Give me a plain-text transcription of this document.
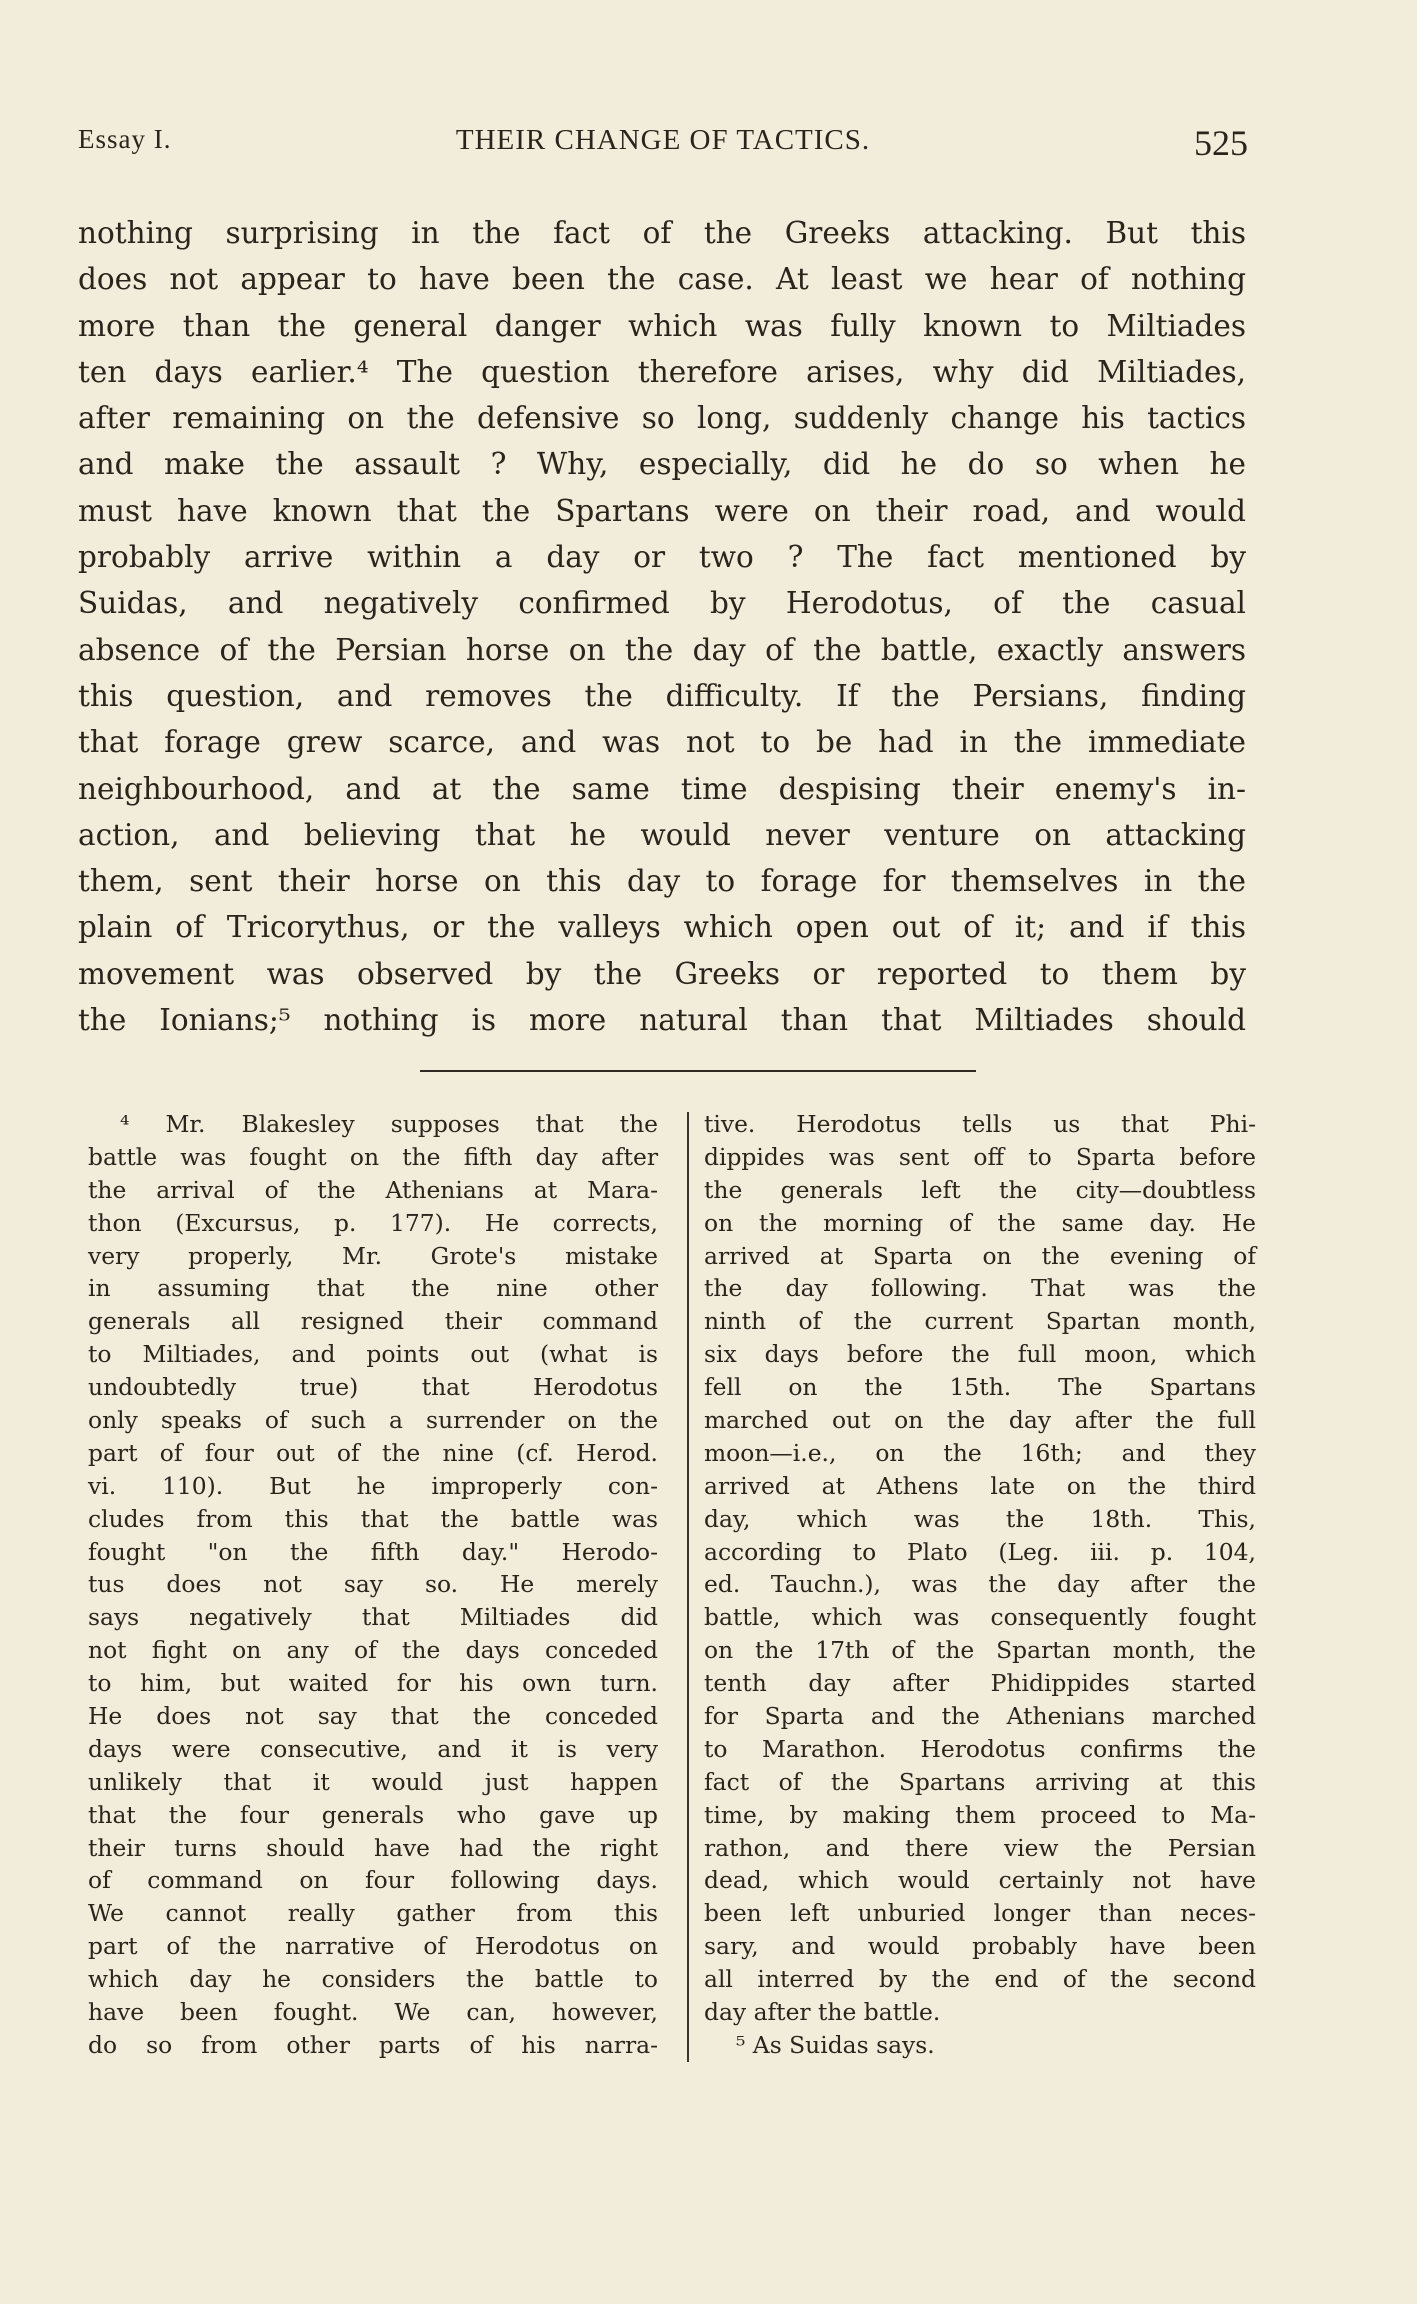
Essay I.	THEIR CHANGE OF TACTICS.	525
nothing surprising in the fact of the Greeks attacking. But this
does not appear to have been the case. At least we hear of nothing
more than the general danger which was fully known to Miltiades
ten days earlier.⁴ The question therefore arises, why did Miltiades,
after remaining on the defensive so long, suddenly change his tactics
and make the assault ? Why, especially, did he do so when he
must have known that the Spartans were on their road, and would
probably arrive within a day or two ? The fact mentioned by
Suidas, and negatively confirmed by Herodotus, of the casual
absence of the Persian horse on the day of the battle, exactly answers
this question, and removes the difficulty. If the Persians, finding
that forage grew scarce, and was not to be had in the immediate
neighbourhood, and at the same time despising their enemy's in-
action, and believing that he would never venture on attacking
them, sent their horse on this day to forage for themselves in the
plain of Tricorythus, or the valleys which open out of it; and if this
movement was observed by the Greeks or reported to them by
the Ionians;⁵ nothing is more natural than that Miltiades should
⁴ Mr. Blakesley supposes that the
battle was fought on the fifth day after
the arrival of the Athenians at Mara-
thon (Excursus, p. 177). He corrects,
very properly, Mr. Grote's mistake
in assuming that the nine other
generals all resigned their command
to Miltiades, and points out (what is
undoubtedly true) that Herodotus
only speaks of such a surrender on the
part of four out of the nine (cf. Herod.
vi. 110). But he improperly con-
cludes from this that the battle was
fought "on the fifth day." Herodo-
tus does not say so. He merely
says negatively that Miltiades did
not fight on any of the days conceded
to him, but waited for his own turn.
He does not say that the conceded
days were consecutive, and it is very
unlikely that it would just happen
that the four generals who gave up
their turns should have had the right
of command on four following days.
We cannot really gather from this
part of the narrative of Herodotus on
which day he considers the battle to
have been fought. We can, however,
do so from other parts of his narra-
tive. Herodotus tells us that Phi-
dippides was sent off to Sparta before
the generals left the city—doubtless
on the morning of the same day. He
arrived at Sparta on the evening of
the day following. That was the
ninth of the current Spartan month,
six days before the full moon, which
fell on the 15th. The Spartans
marched out on the day after the full
moon—i.e., on the 16th; and they
arrived at Athens late on the third
day, which was the 18th. This,
according to Plato (Leg. iii. p. 104,
ed. Tauchn.), was the day after the
battle, which was consequently fought
on the 17th of the Spartan month, the
tenth day after Phidippides started
for Sparta and the Athenians marched
to Marathon. Herodotus confirms the
fact of the Spartans arriving at this
time, by making them proceed to Ma-
rathon, and there view the Persian
dead, which would certainly not have
been left unburied longer than neces-
sary, and would probably have been
all interred by the end of the second
day after the battle.
⁵ As Suidas says.
